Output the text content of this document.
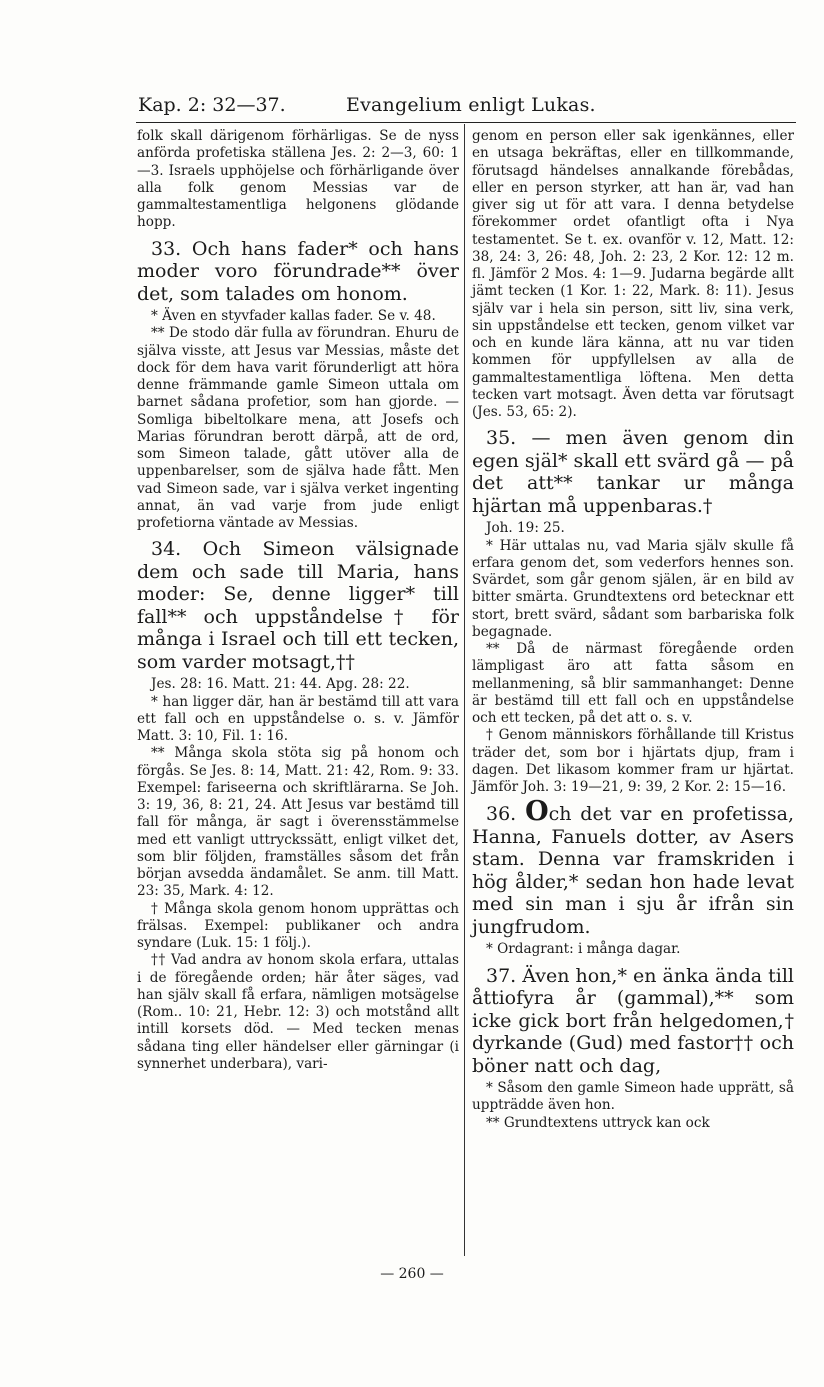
Kap. 2: 32—37.	Evangelium enligt Lukas.

folk skall därigenom förhärligas. Se de nyss anförda profetiska ställena Jes. 2: 2—3, 60: 1—3. Israels upphöjelse och förhärligande över alla folk genom Messias var de gammaltestamentliga helgonens glödande hopp.

33. Och hans fader* och hans moder voro förundrade** över det, som talades om honom.

* Även en styvfader kallas fader. Se v. 48.

** De stodo där fulla av förundran. Ehuru de själva visste, att Jesus var Messias, måste det dock för dem hava varit förunderligt att höra denne främmande gamle Simeon uttala om barnet sådana profetior, som han gjorde. — Somliga bibeltolkare mena, att Josefs och Marias förundran berott därpå, att de ord, som Simeon talade, gått utöver alla de uppenbarelser, som de själva hade fått. Men vad Simeon sade, var i själva verket ingenting annat, än vad varje from jude enligt profetiorna väntade av Messias.

34. Och Simeon välsignade dem och sade till Maria, hans moder: Se, denne ligger* till fall** och uppståndelse† för många i Israel och till ett tecken, som varder motsagt,††

Jes. 28: 16. Matt. 21: 44. Apg. 28: 22.

* han ligger där, han är bestämd till att vara ett fall och en uppståndelse o. s. v. Jämför Matt. 3: 10, Fil. 1: 16.

** Många skola stöta sig på honom och förgås. Se Jes. 8: 14, Matt. 21: 42, Rom. 9: 33. Exempel: fariseerna och skriftlärarna. Se Joh. 3: 19, 36, 8: 21, 24. Att Jesus var bestämd till fall för många, är sagt i överensstämmelse med ett vanligt uttryckssätt, enligt vilket det, som blir följden, framställes såsom det från början avsedda ändamålet. Se anm. till Matt. 23: 35, Mark. 4: 12.

† Många skola genom honom upprättas och frälsas. Exempel: publikaner och andra syndare (Luk. 15: 1 följ.).

†† Vad andra av honom skola erfara, uttalas i de föregående orden; här åter säges, vad han själv skall få erfara, nämligen motsägelse (Rom.. 10: 21, Hebr. 12: 3) och motstånd allt intill korsets död. — Med tecken menas sådana ting eller händelser eller gärningar (i synnerhet underbara), vari-

genom en person eller sak igenkännes, eller en utsaga bekräftas, eller en tillkommande, förutsagd händelses annalkande förebådas, eller en person styrker, att han är, vad han giver sig ut för att vara. I denna betydelse förekommer ordet ofantligt ofta i Nya testamentet. Se t. ex. ovanför v. 12, Matt. 12: 38, 24: 3, 26: 48, Joh. 2: 23, 2 Kor. 12: 12 m. fl. Jämför 2 Mos. 4: 1—9. Judarna begärde allt jämt tecken (1 Kor. 1: 22, Mark. 8: 11). Jesus själv var i hela sin person, sitt liv, sina verk, sin uppståndelse ett tecken, genom vilket var och en kunde lära känna, att nu var tiden kommen för uppfyllelsen av alla de gammaltestamentliga löftena. Men detta tecken vart motsagt. Även detta var förutsagt (Jes. 53, 65: 2).

35. — men även genom din egen själ* skall ett svärd gå — på det att** tankar ur många hjärtan må uppenbaras.†

Joh. 19: 25.

* Här uttalas nu, vad Maria själv skulle få erfara genom det, som vederfors hennes son. Svärdet, som går genom själen, är en bild av bitter smärta. Grundtextens ord betecknar ett stort, brett svärd, sådant som barbariska folk begagnade.

** Då de närmast föregående orden lämpligast äro att fatta såsom en mellanmening, så blir sammanhanget: Denne är bestämd till ett fall och en uppståndelse och ett tecken, på det att o. s. v.

† Genom människors förhållande till Kristus träder det, som bor i hjärtats djup, fram i dagen. Det likasom kommer fram ur hjärtat. Jämför Joh. 3: 19—21, 9: 39, 2 Kor. 2: 15—16.

36. Och det var en profetissa, Hanna, Fanuels dotter, av Asers stam. Denna var framskriden i hög ålder,* sedan hon hade levat med sin man i sju år ifrån sin jungfrudom.

* Ordagrant: i många dagar.

37. Även hon,* en änka ända till åttiofyra år (gammal),** som icke gick bort från helgedomen,† dyrkande (Gud) med fastor†† och böner natt och dag,

* Såsom den gamle Simeon hade upprätt, så uppträdde även hon.

** Grundtextens uttryck kan ock

— 260 —
